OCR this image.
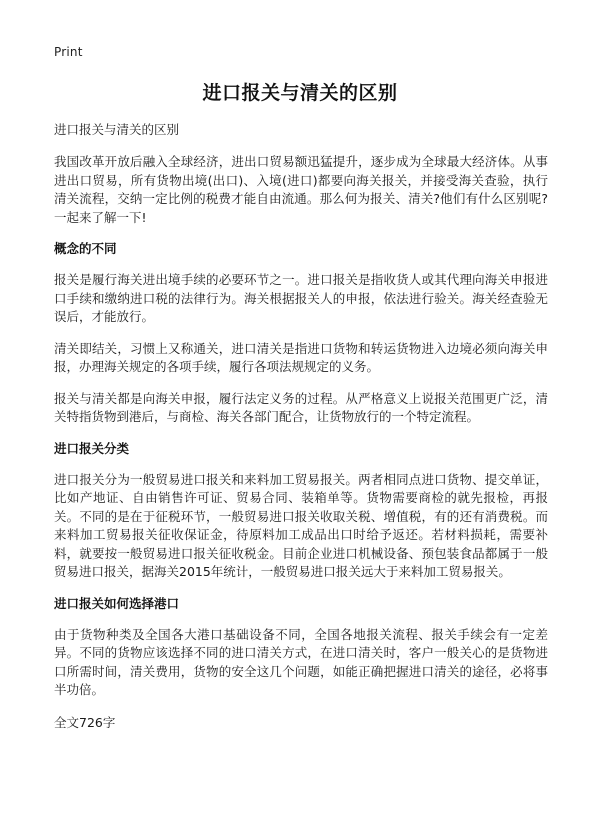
Print
进口报关与清关的区别
进口报关与清关的区别
我国改革开放后融入全球经济，进出口贸易额迅猛提升，逐步成为全球最大经济体。从事进出口贸易，所有货物出境(出口)、入境(进口)都要向海关报关，并接受海关查验，执行清关流程，交纳一定比例的税费才能自由流通。那么何为报关、清关?他们有什么区别呢?一起来了解一下!
概念的不同
报关是履行海关进出境手续的必要环节之一。进口报关是指收货人或其代理向海关申报进口手续和缴纳进口税的法律行为。海关根据报关人的申报，依法进行验关。海关经查验无误后，才能放行。
清关即结关，习惯上又称通关，进口清关是指进口货物和转运货物进入边境必须向海关申报，办理海关规定的各项手续，履行各项法规规定的义务。
报关与清关都是向海关申报，履行法定义务的过程。从严格意义上说报关范围更广泛，清关特指货物到港后，与商检、海关各部门配合，让货物放行的一个特定流程。
进口报关分类
进口报关分为一般贸易进口报关和来料加工贸易报关。两者相同点进口货物、提交单证，比如产地证、自由销售许可证、贸易合同、装箱单等。货物需要商检的就先报检，再报关。不同的是在于征税环节，一般贸易进口报关收取关税、增值税，有的还有消费税。而来料加工贸易报关征收保证金，待原料加工成品出口时给予返还。若材料损耗，需要补料，就要按一般贸易进口报关征收税金。目前企业进口机械设备、预包装食品都属于一般贸易进口报关，据海关2015年统计，一般贸易进口报关远大于来料加工贸易报关。
进口报关如何选择港口
由于货物种类及全国各大港口基础设备不同，全国各地报关流程、报关手续会有一定差异。不同的货物应该选择不同的进口清关方式，在进口清关时，客户一般关心的是货物进口所需时间，清关费用，货物的安全这几个问题，如能正确把握进口清关的途径，必将事半功倍。
全文726字
